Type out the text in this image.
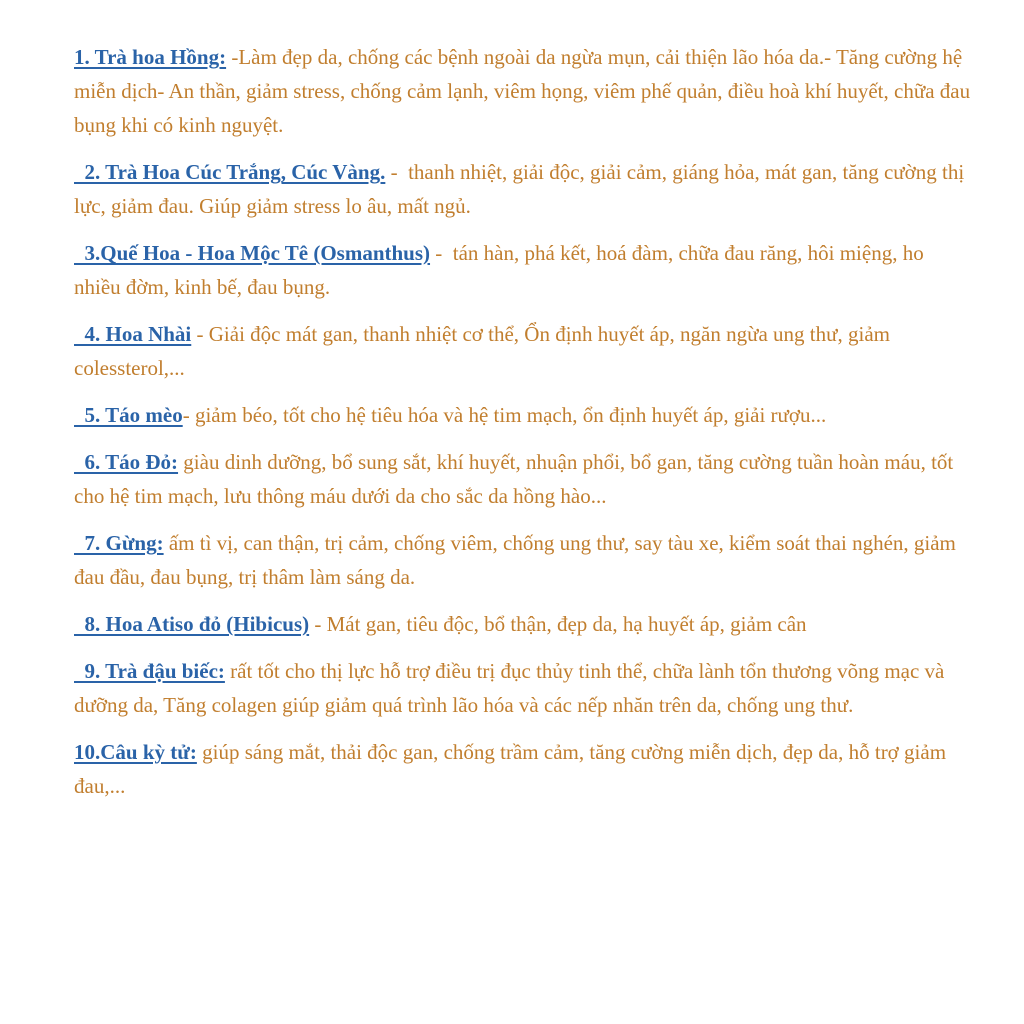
1. Trà hoa Hồng: -Làm đẹp da, chống các bệnh ngoài da ngừa mụn, cải thiện lão hóa da.- Tăng cường hệ miễn dịch- An thần, giảm stress, chống cảm lạnh, viêm họng, viêm phế quản, điều hoà khí huyết, chữa đau bụng khi có kinh nguyệt.

2. Trà Hoa Cúc Trắng, Cúc Vàng. -  thanh nhiệt, giải độc, giải cảm, giáng hỏa, mát gan, tăng cường thị lực, giảm đau. Giúp giảm stress lo âu, mất ngủ.

3.Quế Hoa - Hoa Mộc Tê (Osmanthus) -  tán hàn, phá kết, hoá đàm, chữa đau răng, hôi miệng, ho nhiều đờm, kinh bế, đau bụng.

4. Hoa Nhài - Giải độc mát gan, thanh nhiệt cơ thể, Ổn định huyết áp, ngăn ngừa ung thư, giảm colessterol,...

5. Táo mèo- giảm béo, tốt cho hệ tiêu hóa và hệ tim mạch, ổn định huyết áp, giải rượu...

6. Táo Đỏ: giàu dinh dưỡng, bổ sung sắt, khí huyết, nhuận phổi, bổ gan, tăng cường tuần hoàn máu, tốt cho hệ tim mạch, lưu thông máu dưới da cho sắc da hồng hào...

7. Gừng: ấm tì vị, can thận, trị cảm, chống viêm, chống ung thư, say tàu xe, kiểm soát thai nghén, giảm đau đầu, đau bụng, trị thâm làm sáng da.

8. Hoa Atiso đỏ (Hibicus) - Mát gan, tiêu độc, bổ thận, đẹp da, hạ huyết áp, giảm cân

9. Trà đậu biếc: rất tốt cho thị lực hỗ trợ điều trị đục thủy tinh thể, chữa lành tổn thương võng mạc và dưỡng da, Tăng colagen giúp giảm quá trình lão hóa và các nếp nhăn trên da, chống ung thư.

10.Câu kỳ tử: giúp sáng mắt, thải độc gan, chống trầm cảm, tăng cường miễn dịch, đẹp da, hỗ trợ giảm đau,...
